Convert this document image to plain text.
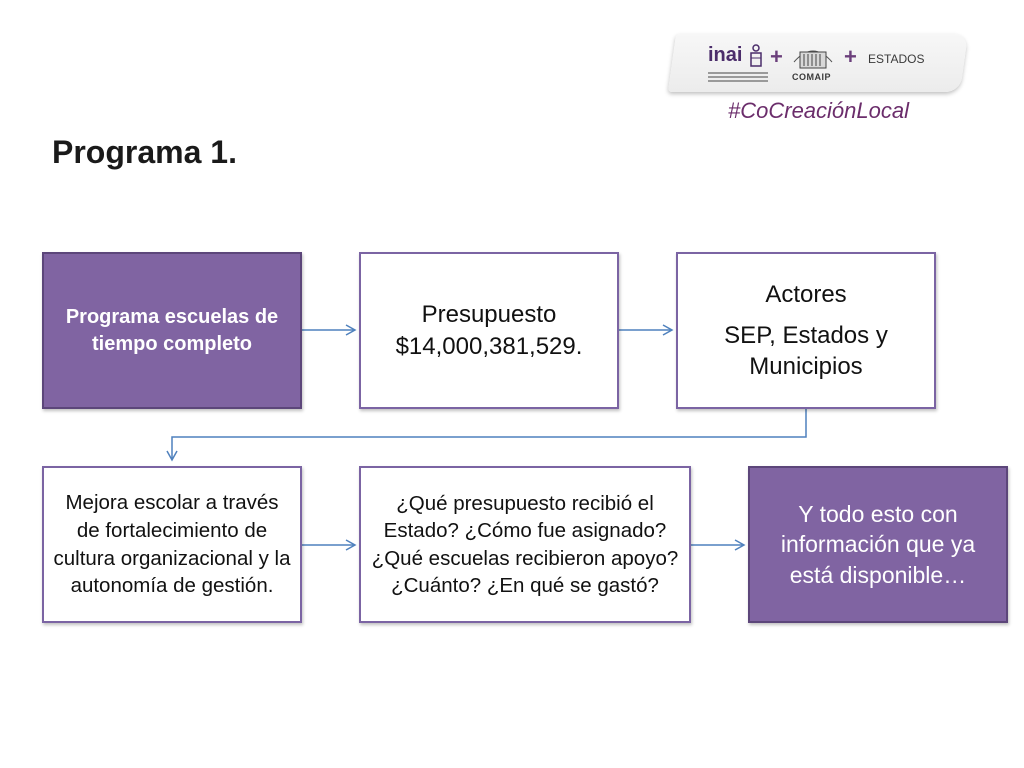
inai +
COMAIP
+ ESTADOS
#CoCreaciónLocal
Programa 1.
Programa escuelas de tiempo completo
Presupuesto $14,000,381,529.
Actores
SEP, Estados y Municipios
Mejora escolar a través de fortalecimiento de cultura organizacional y la autonomía de gestión.
¿Qué presupuesto recibió el Estado? ¿Cómo fue asignado? ¿Qué escuelas recibieron apoyo? ¿Cuánto? ¿En qué se gastó?
Y todo esto con información que ya está disponible…
